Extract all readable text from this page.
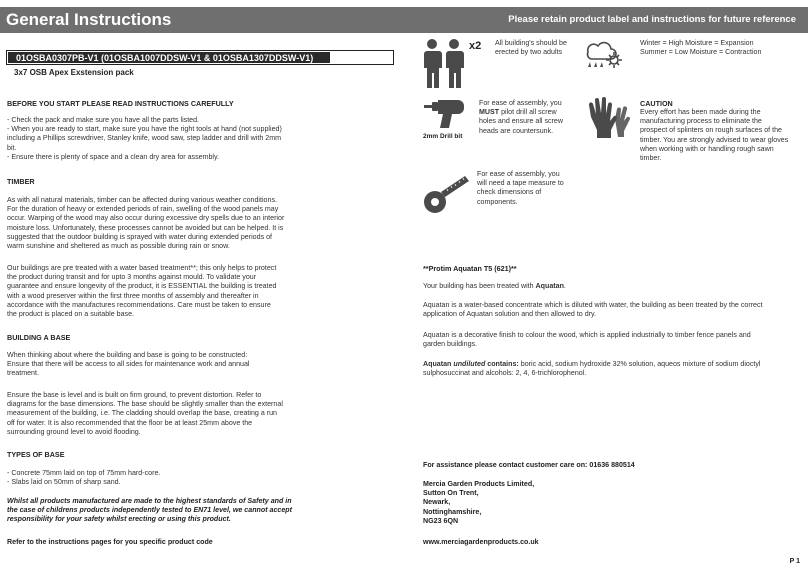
General Instructions	Please retain product label and instructions for future reference
01OSBA0307PB-V1 (01OSBA1007DDSW-V1 & 01OSBA1307DDSW-V1)
3x7 OSB Apex Exstension pack
BEFORE YOU START PLEASE READ INSTRUCTIONS CAREFULLY
- Check the pack and make sure you have all the parts listed.
- When you are ready to start, make sure you have the right tools at hand (not supplied)
including a Phillips screwdriver, Stanley knife, wood saw, step ladder and drill with 2mm
bit.
- Ensure there is plenty of space and a clean dry area for assembly.
TIMBER
As with all natural materials, timber can be affected during various weather conditions.
For the duration of heavy or extended periods of rain, swelling of the wood panels may
occur. Warping of the wood may also occur during excessive dry spells due to an interior
moisture loss. Unfortunately, these processes cannot be avoided but can be helped. It is
suggested that the outdoor building is sprayed with water during extended periods of
warm sunshine and sheltered as much as possible during rain or snow.
Our buildings are pre treated with a water based treatment**; this only helps to protect
the product during transit and for upto 3 months against mould. To validate your
guarantee and ensure longevity of the product, it is ESSENTIAL the building is treated
with a wood preserver within the first three months of assembly and thereafter in
accordance with the manufactures recommendations. Care must be taken to ensure
the product is placed on a suitable base.
BUILDING A BASE
When thinking about where the building and base is going to be constructed:
Ensure that there will be access to all sides for maintenance work and annual
treatment.
Ensure the base is level and is built on firm ground, to prevent distortion. Refer to
diagrams for the base dimensions. The base should be slightly smaller than the external
measurement of the building, i.e. The cladding should overlap the base, creating a run
off for water. It is also recommended that the floor be at least 25mm above the
surrounding ground level to avoid flooding.
TYPES OF BASE
- Concrete 75mm laid on top of 75mm hard-core.
- Slabs laid on 50mm of sharp sand.
Whilst all products manufactured are made to the highest standards of Safety and in
the case of childrens products independently tested to EN71 level, we cannot accept
responsibility for your safety whilst erecting or using this product.
Refer to the instructions pages for you specific product code
x2 All building's should be
erected by two adults
Winter = High Moisture = Expansion
Summer = Low Moisture = Contraction
2mm Drill bit
For ease of assembly, you
MUST pilot drill all screw
holes and ensure all screw
heads are countersunk.
CAUTION
Every effort has been made during the
manufacturing process to eliminate the
prospect of splinters on rough surfaces of the
timber. You are strongly advised to wear gloves
when working with or handling rough sawn
timber.
For ease of assembly, you
will need a tape measure to
check dimensions of
components.
**Protim Aquatan T5 (621)**
Your building has been treated with Aquatan.
Aquatan is a water-based concentrate which is diluted with water, the building as been treated by the correct
application of Aquatan solution and then allowed to dry.
Aquatan is a decorative finish to colour the wood, which is applied industrially to timber fence panels and
garden buildings.
Aquatan undiluted contains: boric acid, sodium hydroxide 32% solution, aqueos mixture of sodium dioctyl
sulphosuccinat and alcohols: 2, 4, 6-trichlorophenol.
For assistance please contact customer care on: 01636 880514
Mercia Garden Products Limited,
Sutton On Trent,
Newark,
Nottinghamshire,
NG23 6QN
www.merciagardenproducts.co.uk
P 1
